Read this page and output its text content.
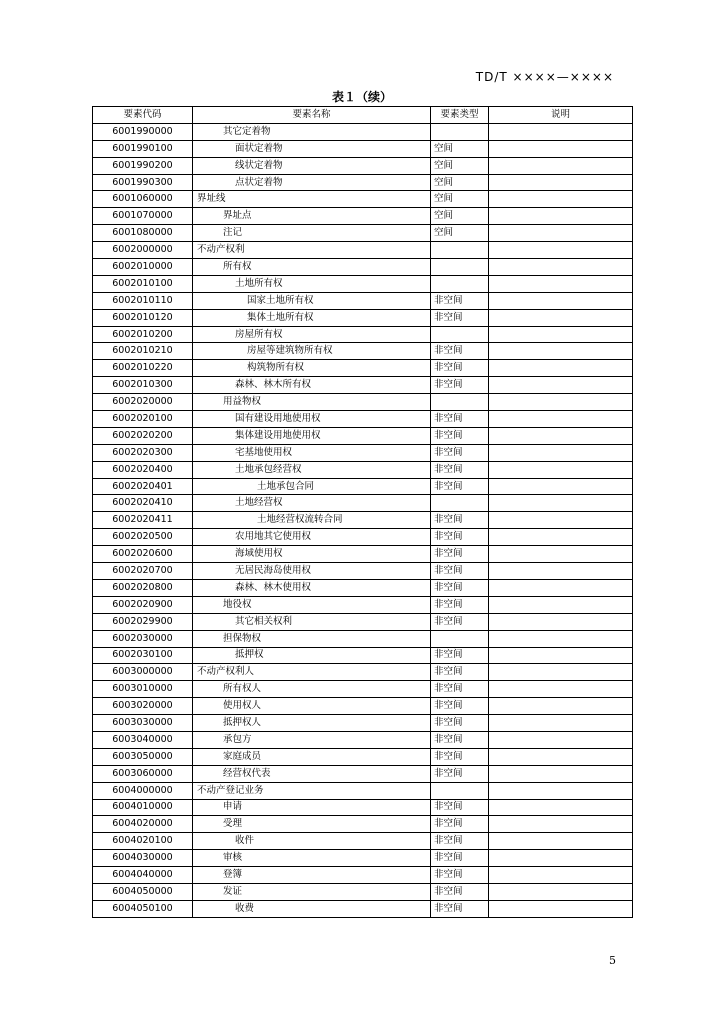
TD/T ××××—××××
表１（续）
要素代码	要素名称	要素类型	说明
6001990000	其它定着物		
6001990100	面状定着物	空间	
6001990200	线状定着物	空间	
6001990300	点状定着物	空间	
6001060000	界址线	空间	
6001070000	界址点	空间	
6001080000	注记	空间	
6002000000	不动产权利		
6002010000	所有权		
6002010100	土地所有权		
6002010110	国家土地所有权	非空间	
6002010120	集体土地所有权	非空间	
6002010200	房屋所有权		
6002010210	房屋等建筑物所有权	非空间	
6002010220	构筑物所有权	非空间	
6002010300	森林、林木所有权	非空间	
6002020000	用益物权		
6002020100	国有建设用地使用权	非空间	
6002020200	集体建设用地使用权	非空间	
6002020300	宅基地使用权	非空间	
6002020400	土地承包经营权	非空间	
6002020401	土地承包合同	非空间	
6002020410	土地经营权		
6002020411	土地经营权流转合同	非空间	
6002020500	农用地其它使用权	非空间	
6002020600	海域使用权	非空间	
6002020700	无居民海岛使用权	非空间	
6002020800	森林、林木使用权	非空间	
6002020900	地役权	非空间	
6002029900	其它相关权利	非空间	
6002030000	担保物权		
6002030100	抵押权	非空间	
6003000000	不动产权利人	非空间	
6003010000	所有权人	非空间	
6003020000	使用权人	非空间	
6003030000	抵押权人	非空间	
6003040000	承包方	非空间	
6003050000	家庭成员	非空间	
6003060000	经营权代表	非空间	
6004000000	不动产登记业务		
6004010000	申请	非空间	
6004020000	受理	非空间	
6004020100	收件	非空间	
6004030000	审核	非空间	
6004040000	登簿	非空间	
6004050000	发证	非空间	
6004050100	收费	非空间	
5
